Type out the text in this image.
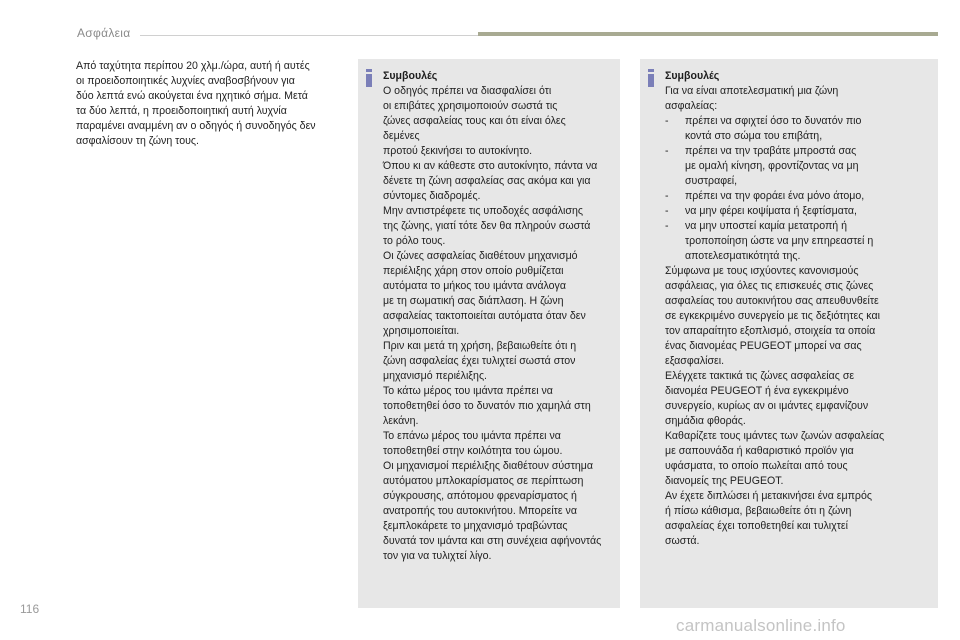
Ασφάλεια

Από ταχύτητα περίπου 20 χλμ./ώρα, αυτή ή αυτές
οι προειδοποιητικές λυχνίες αναβοσβήνουν για
δύο λεπτά ενώ ακούγεται ένα ηχητικό σήμα. Μετά
τα δύο λεπτά, η προειδοποιητική αυτή λυχνία
παραμένει αναμμένη αν ο οδηγός ή συνοδηγός δεν
ασφαλίσουν τη ζώνη τους.

Συμβουλές

Ο οδηγός πρέπει να διασφαλίσει ότι
οι επιβάτες χρησιμοποιούν σωστά τις
ζώνες ασφαλείας τους και ότι είναι όλες
δεμένες
προτού ξεκινήσει το αυτοκίνητο.
Όπου κι αν κάθεστε στο αυτοκίνητο, πάντα να
δένετε τη ζώνη ασφαλείας σας ακόμα και για
σύντομες διαδρομές.
Μην αντιστρέφετε τις υποδοχές ασφάλισης
της ζώνης, γιατί τότε δεν θα πληρούν σωστά
το ρόλο τους.
Οι ζώνες ασφαλείας διαθέτουν μηχανισμό
περιέλιξης χάρη στον οποίο ρυθμίζεται
αυτόματα το μήκος του ιμάντα ανάλογα
με τη σωματική σας διάπλαση. Η ζώνη
ασφαλείας τακτοποιείται αυτόματα όταν δεν
χρησιμοποιείται.
Πριν και μετά τη χρήση, βεβαιωθείτε ότι η
ζώνη ασφαλείας έχει τυλιχτεί σωστά στον
μηχανισμό περιέλιξης.
Το κάτω μέρος του ιμάντα πρέπει να
τοποθετηθεί όσο το δυνατόν πιο χαμηλά στη
λεκάνη.
Το επάνω μέρος του ιμάντα πρέπει να
τοποθετηθεί στην κοιλότητα του ώμου.
Οι μηχανισμοί περιέλιξης διαθέτουν σύστημα
αυτόματου μπλοκαρίσματος σε περίπτωση
σύγκρουσης, απότομου φρεναρίσματος ή
ανατροπής του αυτοκινήτου. Μπορείτε να
ξεμπλοκάρετε το μηχανισμό τραβώντας
δυνατά τον ιμάντα και στη συνέχεια αφήνοντάς
τον για να τυλιχτεί λίγο.

Συμβουλές

Για να είναι αποτελεσματική μια ζώνη
ασφαλείας:

- πρέπει να σφιχτεί όσο το δυνατόν πιο
κοντά στο σώμα του επιβάτη,
- πρέπει να την τραβάτε μπροστά σας
με ομαλή κίνηση, φροντίζοντας να μη
συστραφεί,
- πρέπει να την φοράει ένα μόνο άτομο,
- να μην φέρει κοψίματα ή ξεφτίσματα,
- να μην υποστεί καμία μετατροπή ή
τροποποίηση ώστε να μην επηρεαστεί η
αποτελεσματικότητά της.

Σύμφωνα με τους ισχύοντες κανονισμούς
ασφάλειας, για όλες τις επισκευές στις ζώνες
ασφαλείας του αυτοκινήτου σας απευθυνθείτε
σε εγκεκριμένο συνεργείο με τις δεξιότητες και
τον απαραίτητο εξοπλισμό, στοιχεία τα οποία
ένας διανομέας PEUGEOT μπορεί να σας
εξασφαλίσει.
Ελέγχετε τακτικά τις ζώνες ασφαλείας σε
διανομέα PEUGEOT ή ένα εγκεκριμένο
συνεργείο, κυρίως αν οι ιμάντες εμφανίζουν
σημάδια φθοράς.
Καθαρίζετε τους ιμάντες των ζωνών ασφαλείας
με σαπουνάδα ή καθαριστικό προϊόν για
υφάσματα, το οποίο πωλείται από τους
διανομείς της PEUGEOT.
Αν έχετε διπλώσει ή μετακινήσει ένα εμπρός
ή πίσω κάθισμα, βεβαιωθείτε ότι η ζώνη
ασφαλείας έχει τοποθετηθεί και τυλιχτεί
σωστά.

116
carmanualsonline.info
